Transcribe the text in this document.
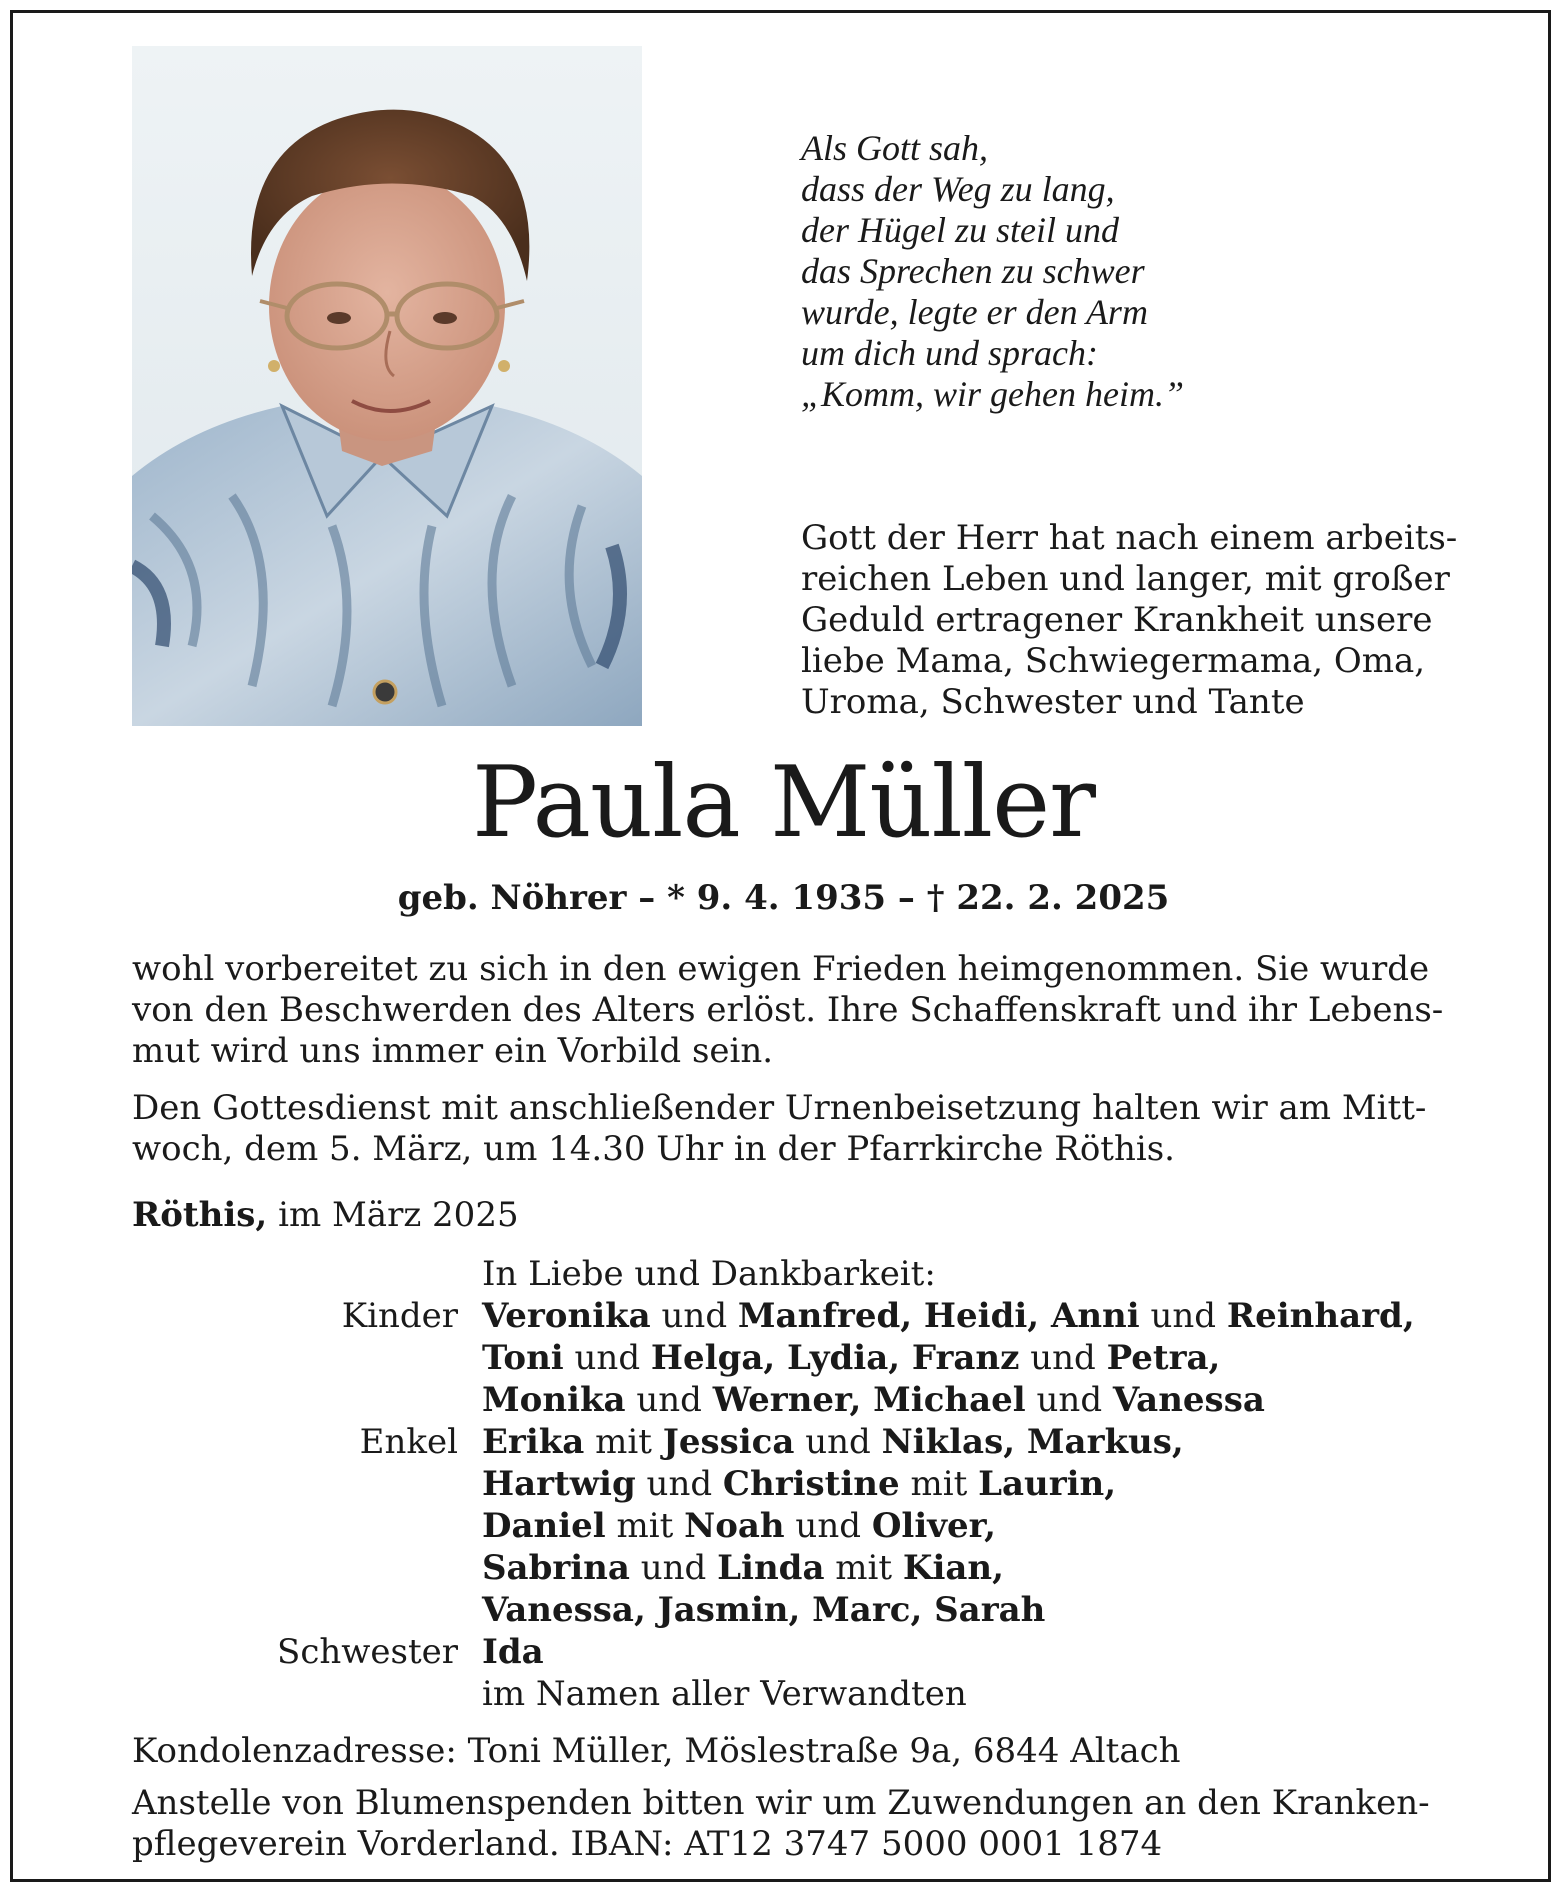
Als Gott sah,
dass der Weg zu lang,
der Hügel zu steil und
das Sprechen zu schwer
wurde, legte er den Arm
um dich und sprach:
„Komm, wir gehen heim.”
Gott der Herr hat nach einem arbeits-
reichen Leben und langer, mit großer
Geduld ertragener Krankheit unsere
liebe Mama, Schwiegermama, Oma,
Uroma, Schwester und Tante
Paula Müller
geb. Nöhrer – * 9. 4. 1935 – † 22. 2. 2025
wohl vorbereitet zu sich in den ewigen Frieden heimgenommen. Sie wurde
von den Beschwerden des Alters erlöst. Ihre Schaffenskraft und ihr Lebens-
mut wird uns immer ein Vorbild sein.
Den Gottesdienst mit anschließender Urnenbeisetzung halten wir am Mitt-
woch, dem 5. März, um 14.30 Uhr in der Pfarrkirche Röthis.
Röthis, im März 2025
In Liebe und Dankbarkeit:
Kinder Veronika und Manfred, Heidi, Anni und Reinhard,
Toni und Helga, Lydia, Franz und Petra,
Monika und Werner, Michael und Vanessa
Enkel Erika mit Jessica und Niklas, Markus,
Hartwig und Christine mit Laurin,
Daniel mit Noah und Oliver,
Sabrina und Linda mit Kian,
Vanessa, Jasmin, Marc, Sarah
Schwester Ida
im Namen aller Verwandten
Kondolenzadresse: Toni Müller, Möslestraße 9a, 6844 Altach
Anstelle von Blumenspenden bitten wir um Zuwendungen an den Kranken-
pflegeverein Vorderland. IBAN: AT12 3747 5000 0001 1874
